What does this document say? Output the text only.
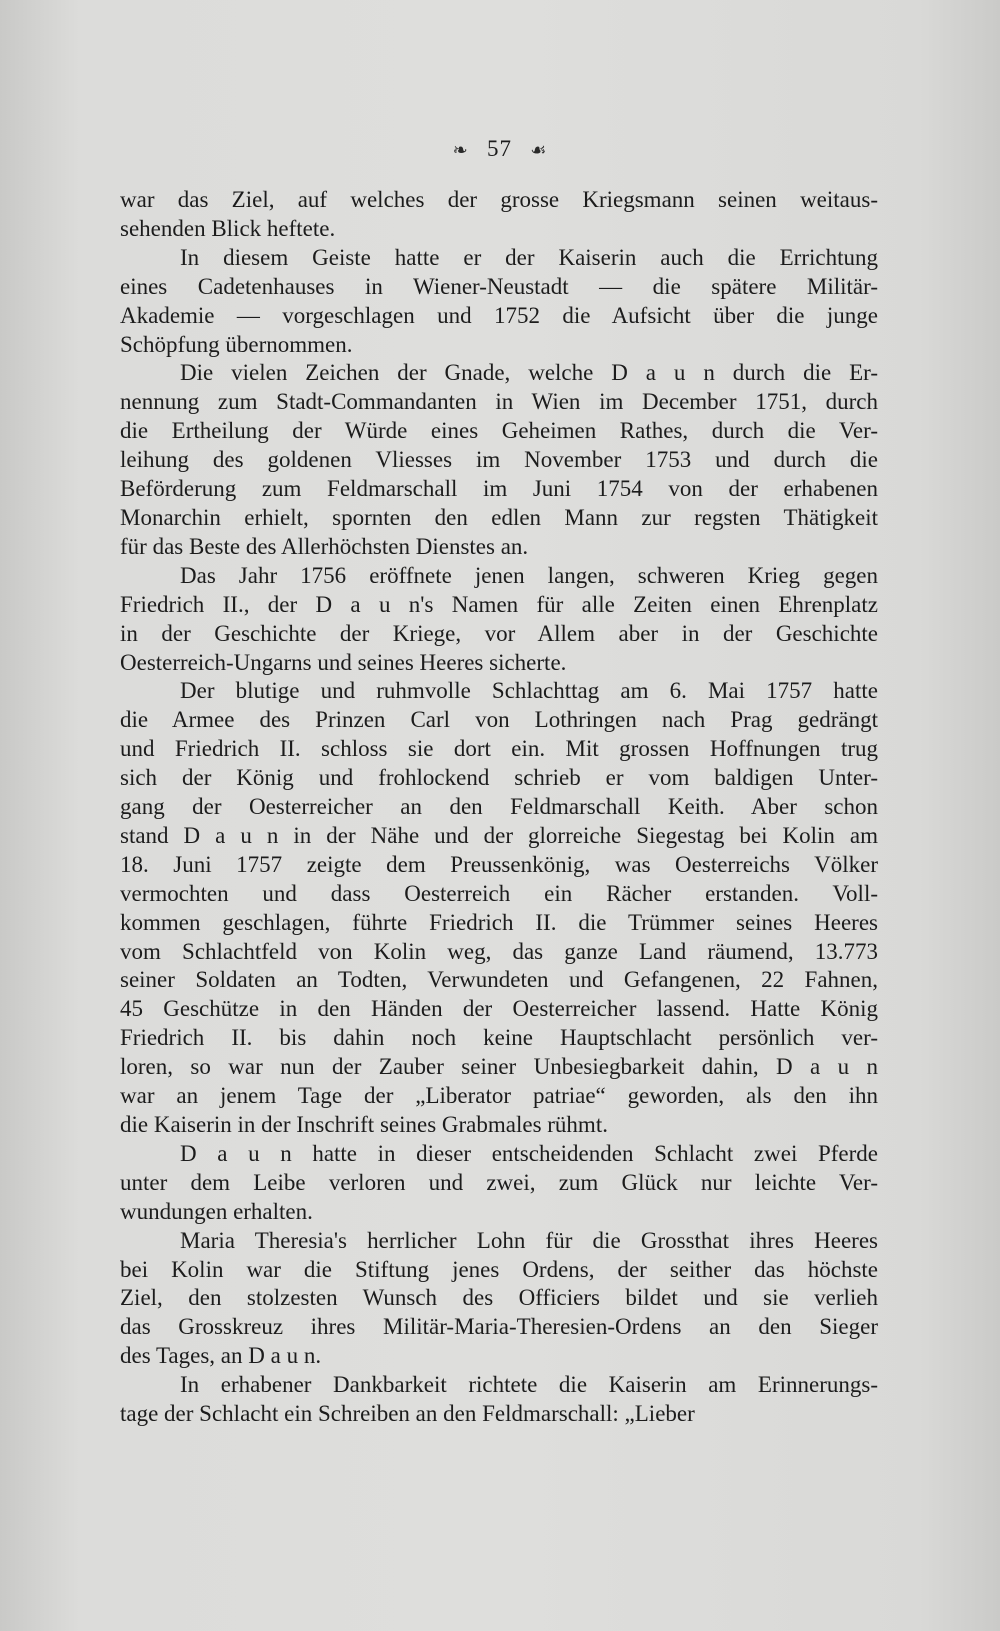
❧ 57 ☙
war das Ziel, auf welches der grosse Kriegsmann seinen weitaus-
sehenden Blick heftete.
In diesem Geiste hatte er der Kaiserin auch die Errichtung
eines Cadetenhauses in Wiener-Neustadt — die spätere Militär-
Akademie — vorgeschlagen und 1752 die Aufsicht über die junge
Schöpfung übernommen.
Die vielen Zeichen der Gnade, welche D a u n durch die Er-
nennung zum Stadt-Commandanten in Wien im December 1751, durch
die Ertheilung der Würde eines Geheimen Rathes, durch die Ver-
leihung des goldenen Vliesses im November 1753 und durch die
Beförderung zum Feldmarschall im Juni 1754 von der erhabenen
Monarchin erhielt, spornten den edlen Mann zur regsten Thätigkeit
für das Beste des Allerhöchsten Dienstes an.
Das Jahr 1756 eröffnete jenen langen, schweren Krieg gegen
Friedrich II., der D a u n's Namen für alle Zeiten einen Ehrenplatz
in der Geschichte der Kriege, vor Allem aber in der Geschichte
Oesterreich-Ungarns und seines Heeres sicherte.
Der blutige und ruhmvolle Schlachttag am 6. Mai 1757 hatte
die Armee des Prinzen Carl von Lothringen nach Prag gedrängt
und Friedrich II. schloss sie dort ein. Mit grossen Hoffnungen trug
sich der König und frohlockend schrieb er vom baldigen Unter-
gang der Oesterreicher an den Feldmarschall Keith. Aber schon
stand D a u n in der Nähe und der glorreiche Siegestag bei Kolin am
18. Juni 1757 zeigte dem Preussenkönig, was Oesterreichs Völker
vermochten und dass Oesterreich ein Rächer erstanden. Voll-
kommen geschlagen, führte Friedrich II. die Trümmer seines Heeres
vom Schlachtfeld von Kolin weg, das ganze Land räumend, 13.773
seiner Soldaten an Todten, Verwundeten und Gefangenen, 22 Fahnen,
45 Geschütze in den Händen der Oesterreicher lassend. Hatte König
Friedrich II. bis dahin noch keine Hauptschlacht persönlich ver-
loren, so war nun der Zauber seiner Unbesiegbarkeit dahin, D a u n
war an jenem Tage der „Liberator patriae“ geworden, als den ihn
die Kaiserin in der Inschrift seines Grabmales rühmt.
D a u n hatte in dieser entscheidenden Schlacht zwei Pferde
unter dem Leibe verloren und zwei, zum Glück nur leichte Ver-
wundungen erhalten.
Maria Theresia's herrlicher Lohn für die Grossthat ihres Heeres
bei Kolin war die Stiftung jenes Ordens, der seither das höchste
Ziel, den stolzesten Wunsch des Officiers bildet und sie verlieh
das Grosskreuz ihres Militär-Maria-Theresien-Ordens an den Sieger
des Tages, an D a u n.
In erhabener Dankbarkeit richtete die Kaiserin am Erinnerungs-
tage der Schlacht ein Schreiben an den Feldmarschall: „Lieber
